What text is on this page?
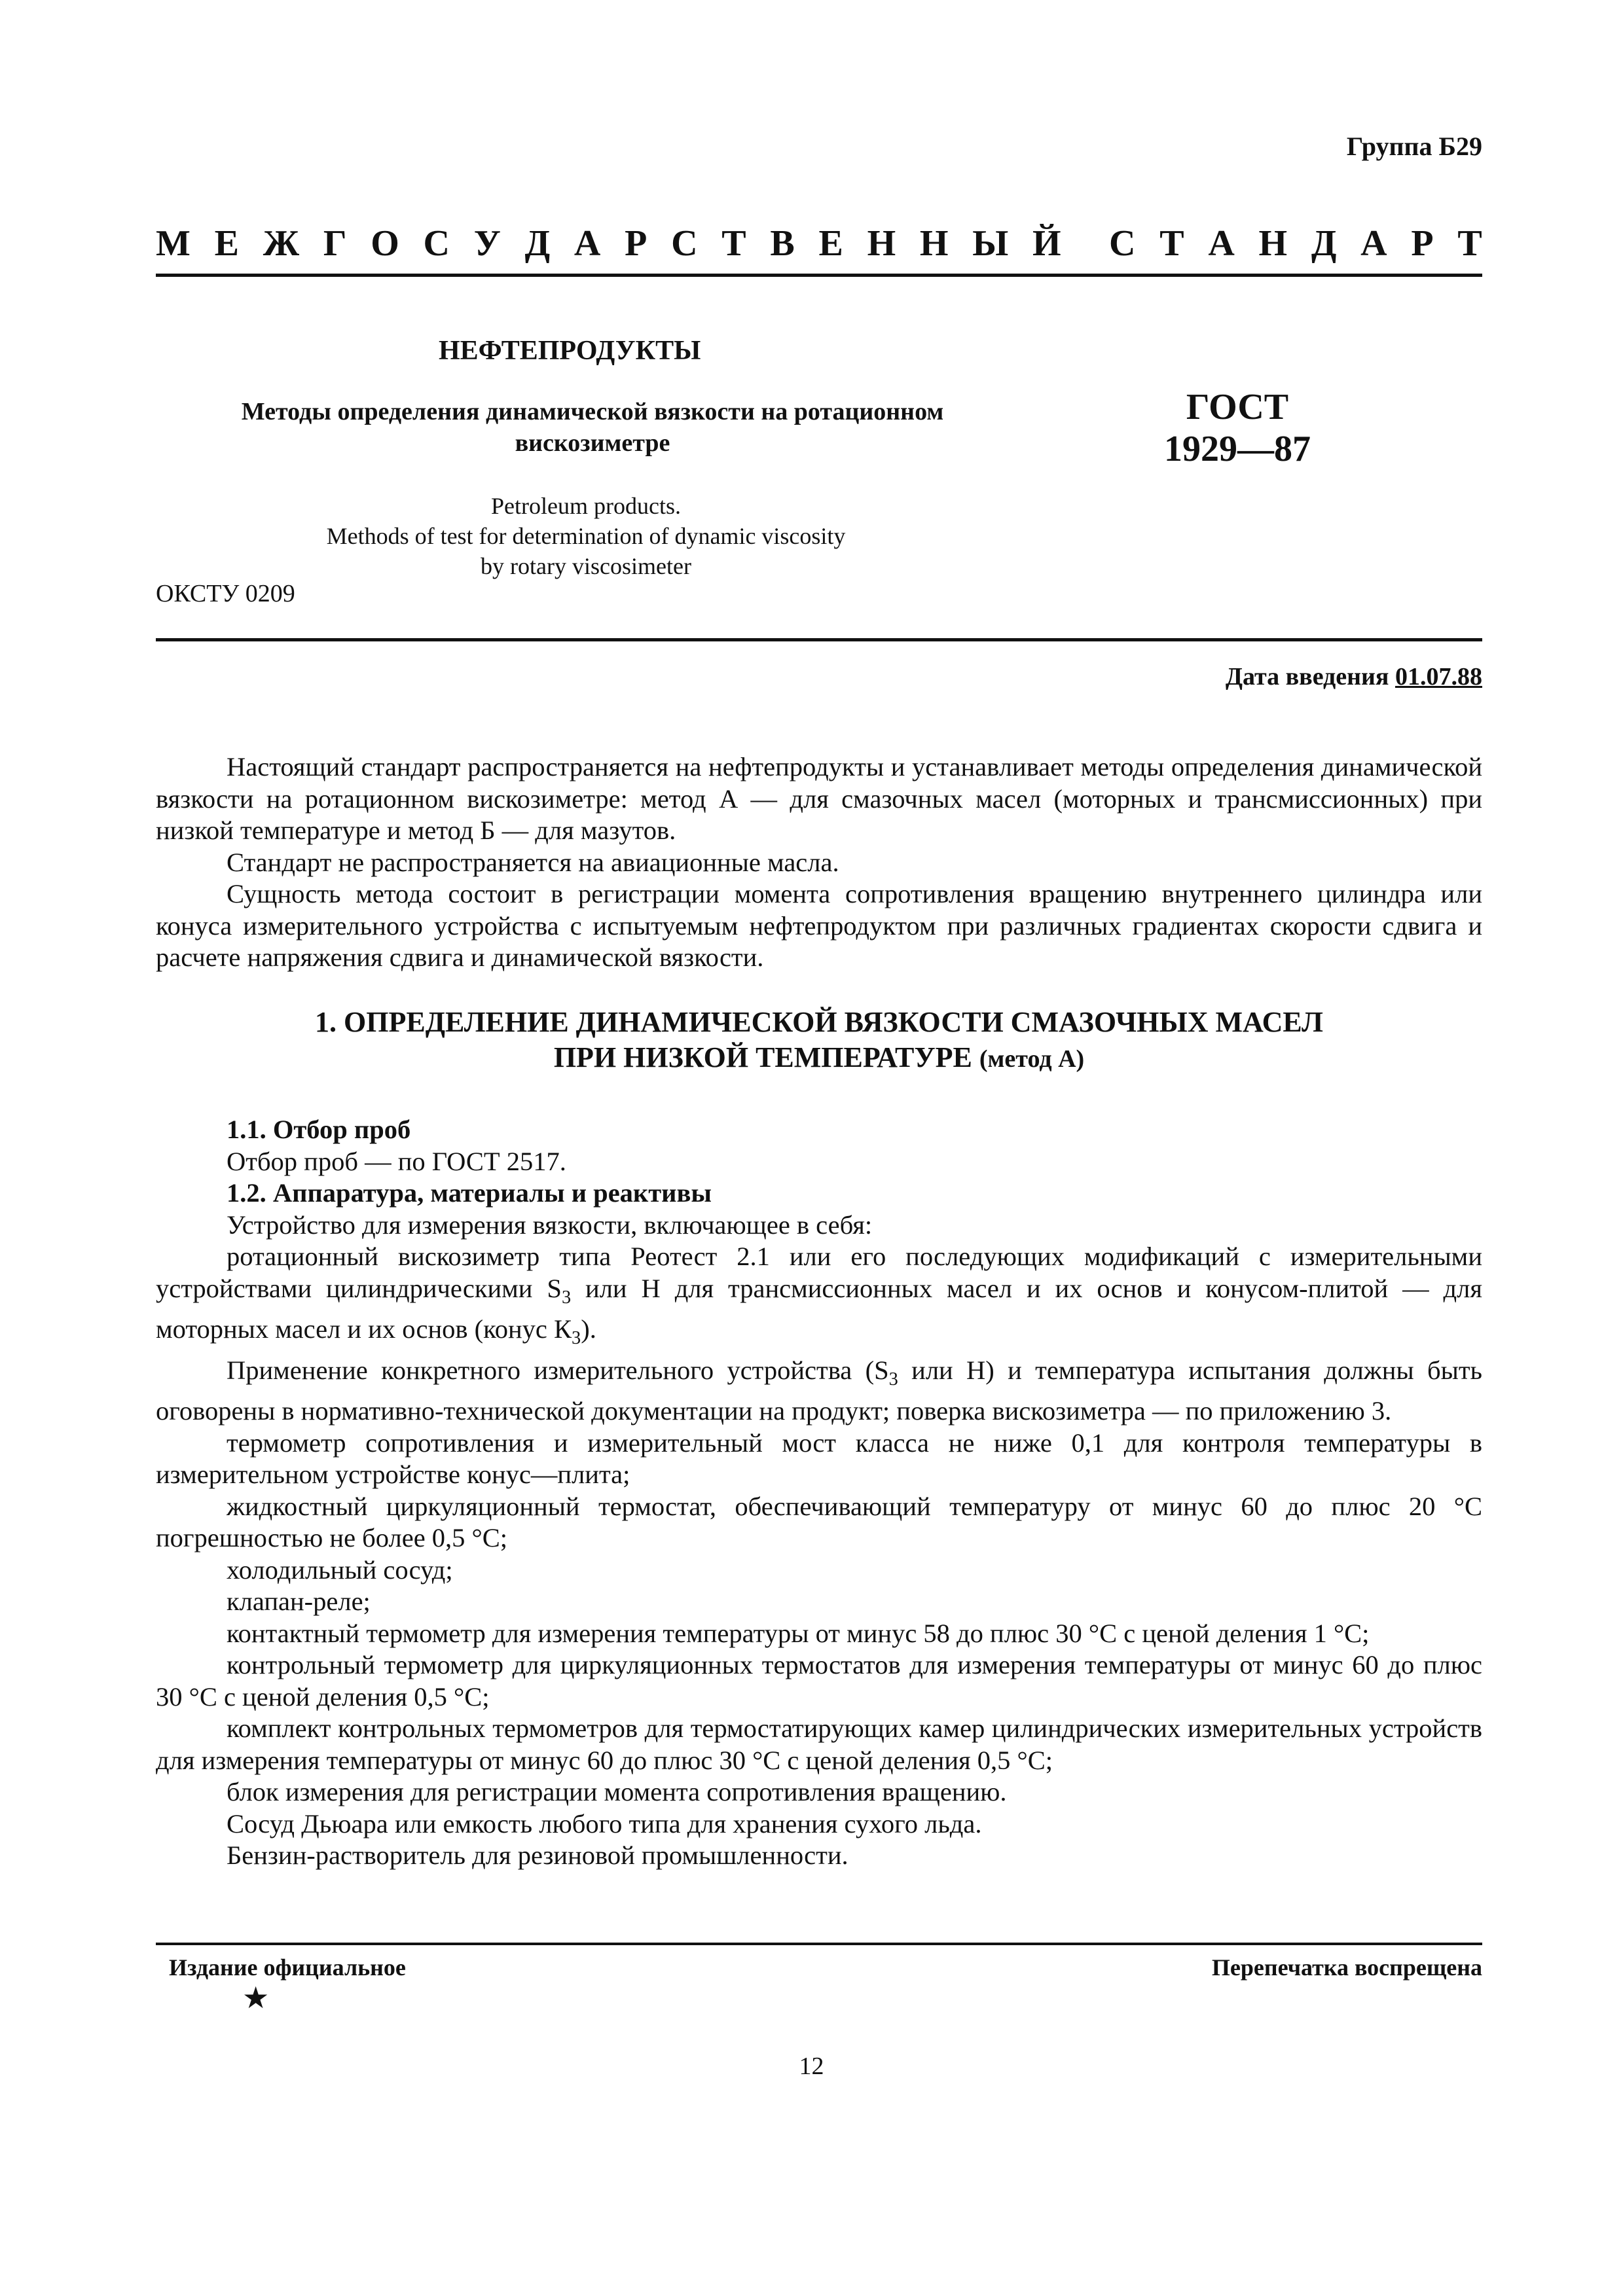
Группа Б29
М Е Ж Г О С У Д А Р С Т В Е Н Н Ы Й С Т А Н Д А Р Т
НЕФТЕПРОДУКТЫ
Методы определения динамической вязкости на ротационном
вискозиметре
ГОСТ
1929—87
Petroleum products.
Methods of test for determination of dynamic viscosity
by rotary viscosimeter
ОКСТУ 0209
Дата введения 01.07.88

Настоящий стандарт распространяется на нефтепродукты и устанавливает методы определения динамической вязкости на ротационном вискозиметре: метод А — для смазочных масел (моторных и трансмиссионных) при низкой температуре и метод Б — для мазутов.

Стандарт не распространяется на авиационные масла.

Сущность метода состоит в регистрации момента сопротивления вращению внутреннего цилиндра или конуса измерительного устройства с испытуемым нефтепродуктом при различных градиентах скорости сдвига и расчете напряжения сдвига и динамической вязкости.

1. ОПРЕДЕЛЕНИЕ ДИНАМИЧЕСКОЙ ВЯЗКОСТИ СМАЗОЧНЫХ МАСЕЛ
ПРИ НИЗКОЙ ТЕМПЕРАТУРЕ (метод А)

1.1. Отбор проб

Отбор проб — по ГОСТ 2517.

1.2. Аппаратура, материалы и реактивы

Устройство для измерения вязкости, включающее в себя:

ротационный вискозиметр типа Реотест 2.1 или его последующих модификаций с измерительными устройствами цилиндрическими $S_3$ или Н для трансмиссионных масел и их основ и конусом-плитой — для моторных масел и их основ (конус $К_3$).

Применение конкретного измерительного устройства ($S_3$ или Н) и температура испытания должны быть оговорены в нормативно-технической документации на продукт; поверка вискозиметра — по приложению 3.

термометр сопротивления и измерительный мост класса не ниже 0,1 для контроля температуры в измерительном устройстве конус—плита;

жидкостный циркуляционный термостат, обеспечивающий температуру от минус 60 до плюс 20 °С погрешностью не более 0,5 °С;

холодильный сосуд;

клапан-реле;

контактный термометр для измерения температуры от минус 58 до плюс 30 °С с ценой деления 1 °С;

контрольный термометр для циркуляционных термостатов для измерения температуры от минус 60 до плюс 30 °С с ценой деления 0,5 °С;

комплект контрольных термометров для термостатирующих камер цилиндрических измерительных устройств для измерения температуры от минус 60 до плюс 30 °С с ценой деления 0,5 °С;

блок измерения для регистрации момента сопротивления вращению.

Сосуд Дьюара или емкость любого типа для хранения сухого льда.

Бензин-растворитель для резиновой промышленности.

Издание официальное	Перепечатка воспрещена
★
12
